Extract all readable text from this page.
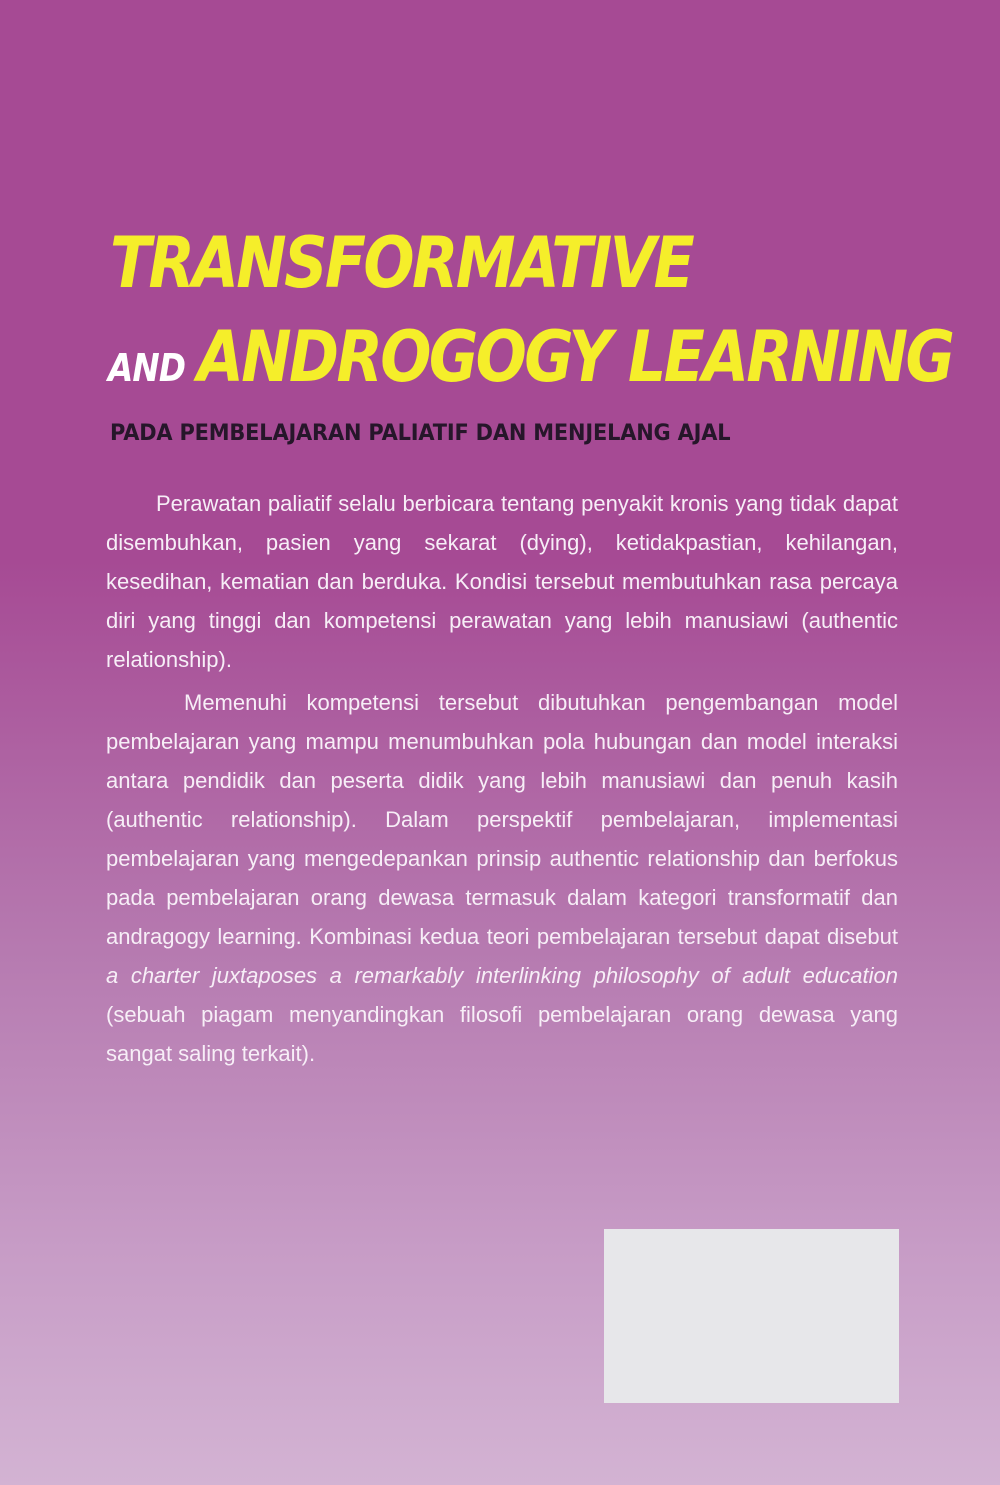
TRANSFORMATIVE
AND ANDROGOGY LEARNING
PADA PEMBELAJARAN PALIATIF DAN MENJELANG AJAL

Perawatan paliatif selalu berbicara tentang penyakit kronis yang tidak dapat disembuhkan, pasien yang sekarat (dying), ketidakpastian, kehilangan, kesedihan, kematian dan berduka. Kondisi tersebut membutuhkan rasa percaya diri yang tinggi dan kompetensi perawatan yang lebih manusiawi (authentic relationship).

Memenuhi kompetensi tersebut dibutuhkan pengembangan model pembelajaran yang mampu menumbuhkan pola hubungan dan model interaksi antara pendidik dan peserta didik yang lebih manusiawi dan penuh kasih (authentic relationship). Dalam perspektif pembelajaran, implementasi pembelajaran yang mengedepankan prinsip authentic relationship dan berfokus pada pembelajaran orang dewasa termasuk dalam kategori transformatif dan andragogy learning. Kombinasi kedua teori pembelajaran tersebut dapat disebut a charter juxtaposes a remarkably interlinking philosophy of adult education (sebuah piagam menyandingkan filosofi pembelajaran orang dewasa yang sangat saling terkait).
